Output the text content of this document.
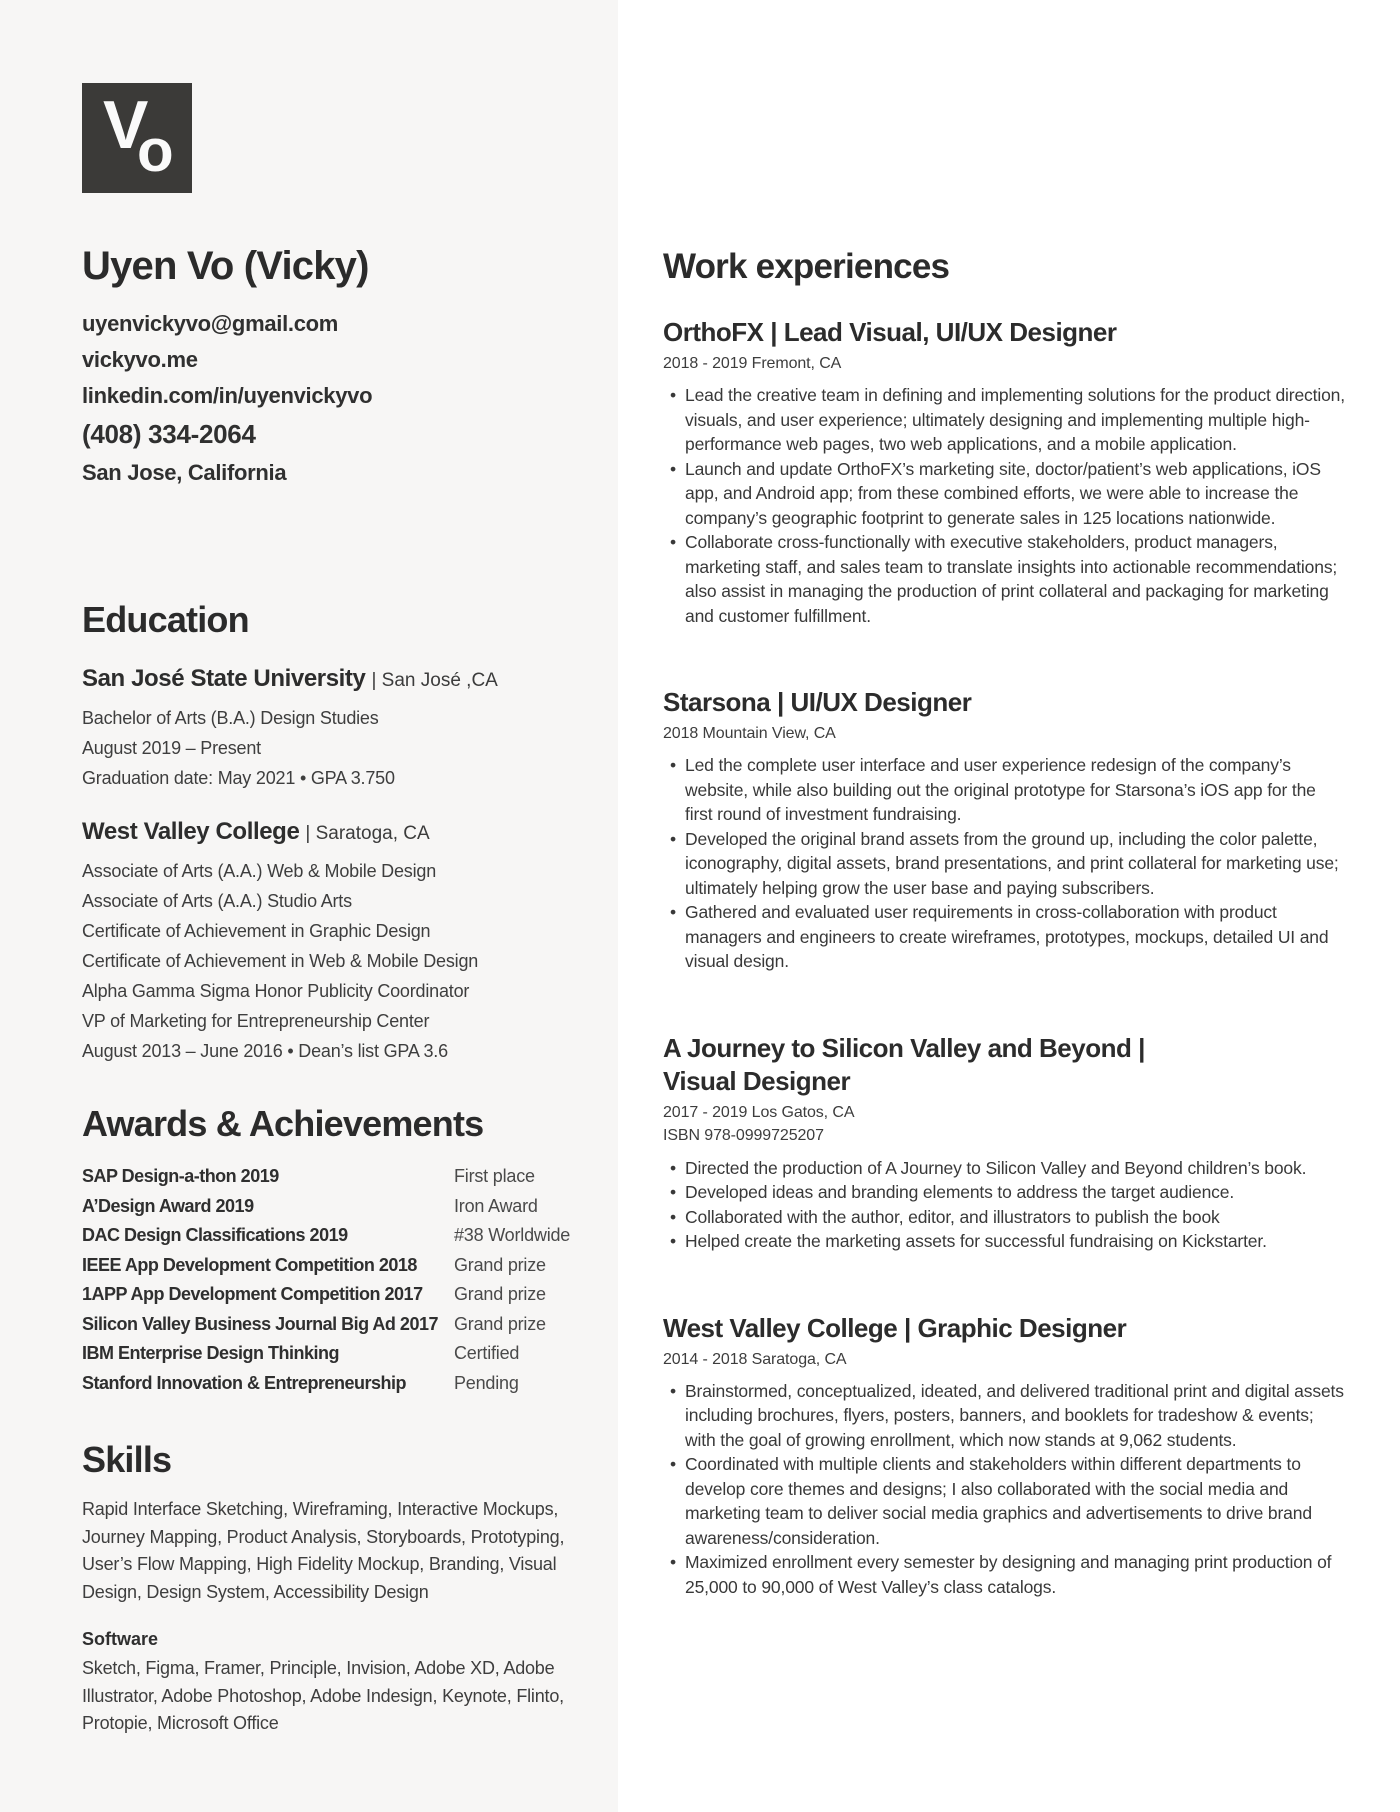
V
o
Uyen Vo (Vicky)
uyenvickyvo@gmail.com
vickyvo.me
linkedin.com/in/uyenvickyvo
(408) 334-2064
San Jose, California
Education
San José State University | San José ,CA
Bachelor of Arts (B.A.) Design Studies
August 2019 – Present
Graduation date: May 2021 • GPA 3.750
West Valley College | Saratoga, CA
Associate of Arts (A.A.) Web & Mobile Design
Associate of Arts (A.A.) Studio Arts
Certificate of Achievement in Graphic Design
Certificate of Achievement in Web & Mobile Design
Alpha Gamma Sigma Honor Publicity Coordinator
VP of Marketing for Entrepreneurship Center
August 2013 – June 2016 • Dean’s list GPA 3.6
Awards & Achievements
SAP Design-a-thon 2019	First place
A’Design Award 2019	Iron Award
DAC Design Classifications 2019	#38 Worldwide
IEEE App Development Competition 2018	Grand prize
1APP App Development Competition 2017	Grand prize
Silicon Valley Business Journal Big Ad 2017	Grand prize
IBM Enterprise Design Thinking	Certified
Stanford Innovation & Entrepreneurship	Pending
Skills
Rapid Interface Sketching, Wireframing, Interactive Mockups, Journey Mapping, Product Analysis, Storyboards, Prototyping, User’s Flow Mapping, High Fidelity Mockup, Branding, Visual Design, Design System, Accessibility Design
Software
Sketch, Figma, Framer, Principle, Invision, Adobe XD, Adobe Illustrator, Adobe Photoshop, Adobe Indesign, Keynote, Flinto, Protopie, Microsoft Office
Work experiences
OrthoFX | Lead Visual, UI/UX Designer
2018 - 2019 Fremont, CA
• Lead the creative team in defining and implementing solutions for the product direction, visuals, and user experience; ultimately designing and implementing multiple high-performance web pages, two web applications, and a mobile application.
• Launch and update OrthoFX’s marketing site, doctor/patient’s web applications, iOS app, and Android app; from these combined efforts, we were able to increase the company’s geographic footprint to generate sales in 125 locations nationwide.
• Collaborate cross-functionally with executive stakeholders, product managers, marketing staff, and sales team to translate insights into actionable recommendations; also assist in managing the production of print collateral and packaging for marketing and customer fulfillment.
Starsona | UI/UX Designer
2018 Mountain View, CA
• Led the complete user interface and user experience redesign of the company’s website, while also building out the original prototype for Starsona’s iOS app for the first round of investment fundraising.
• Developed the original brand assets from the ground up, including the color palette, iconography, digital assets, brand presentations, and print collateral for marketing use; ultimately helping grow the user base and paying subscribers.
• Gathered and evaluated user requirements in cross-collaboration with product managers and engineers to create wireframes, prototypes, mockups, detailed UI and visual design.
A Journey to Silicon Valley and Beyond |
Visual Designer
2017 - 2019 Los Gatos, CA
ISBN 978-0999725207
• Directed the production of A Journey to Silicon Valley and Beyond children’s book.
• Developed ideas and branding elements to address the target audience.
• Collaborated with the author, editor, and illustrators to publish the book
• Helped create the marketing assets for successful fundraising on Kickstarter.
West Valley College | Graphic Designer
2014 - 2018 Saratoga, CA
• Brainstormed, conceptualized, ideated, and delivered traditional print and digital assets including brochures, flyers, posters, banners, and booklets for tradeshow & events; with the goal of growing enrollment, which now stands at 9,062 students.
• Coordinated with multiple clients and stakeholders within different departments to develop core themes and designs; I also collaborated with the social media and marketing team to deliver social media graphics and advertisements to drive brand awareness/consideration.
• Maximized enrollment every semester by designing and managing print production of 25,000 to 90,000 of West Valley’s class catalogs.
